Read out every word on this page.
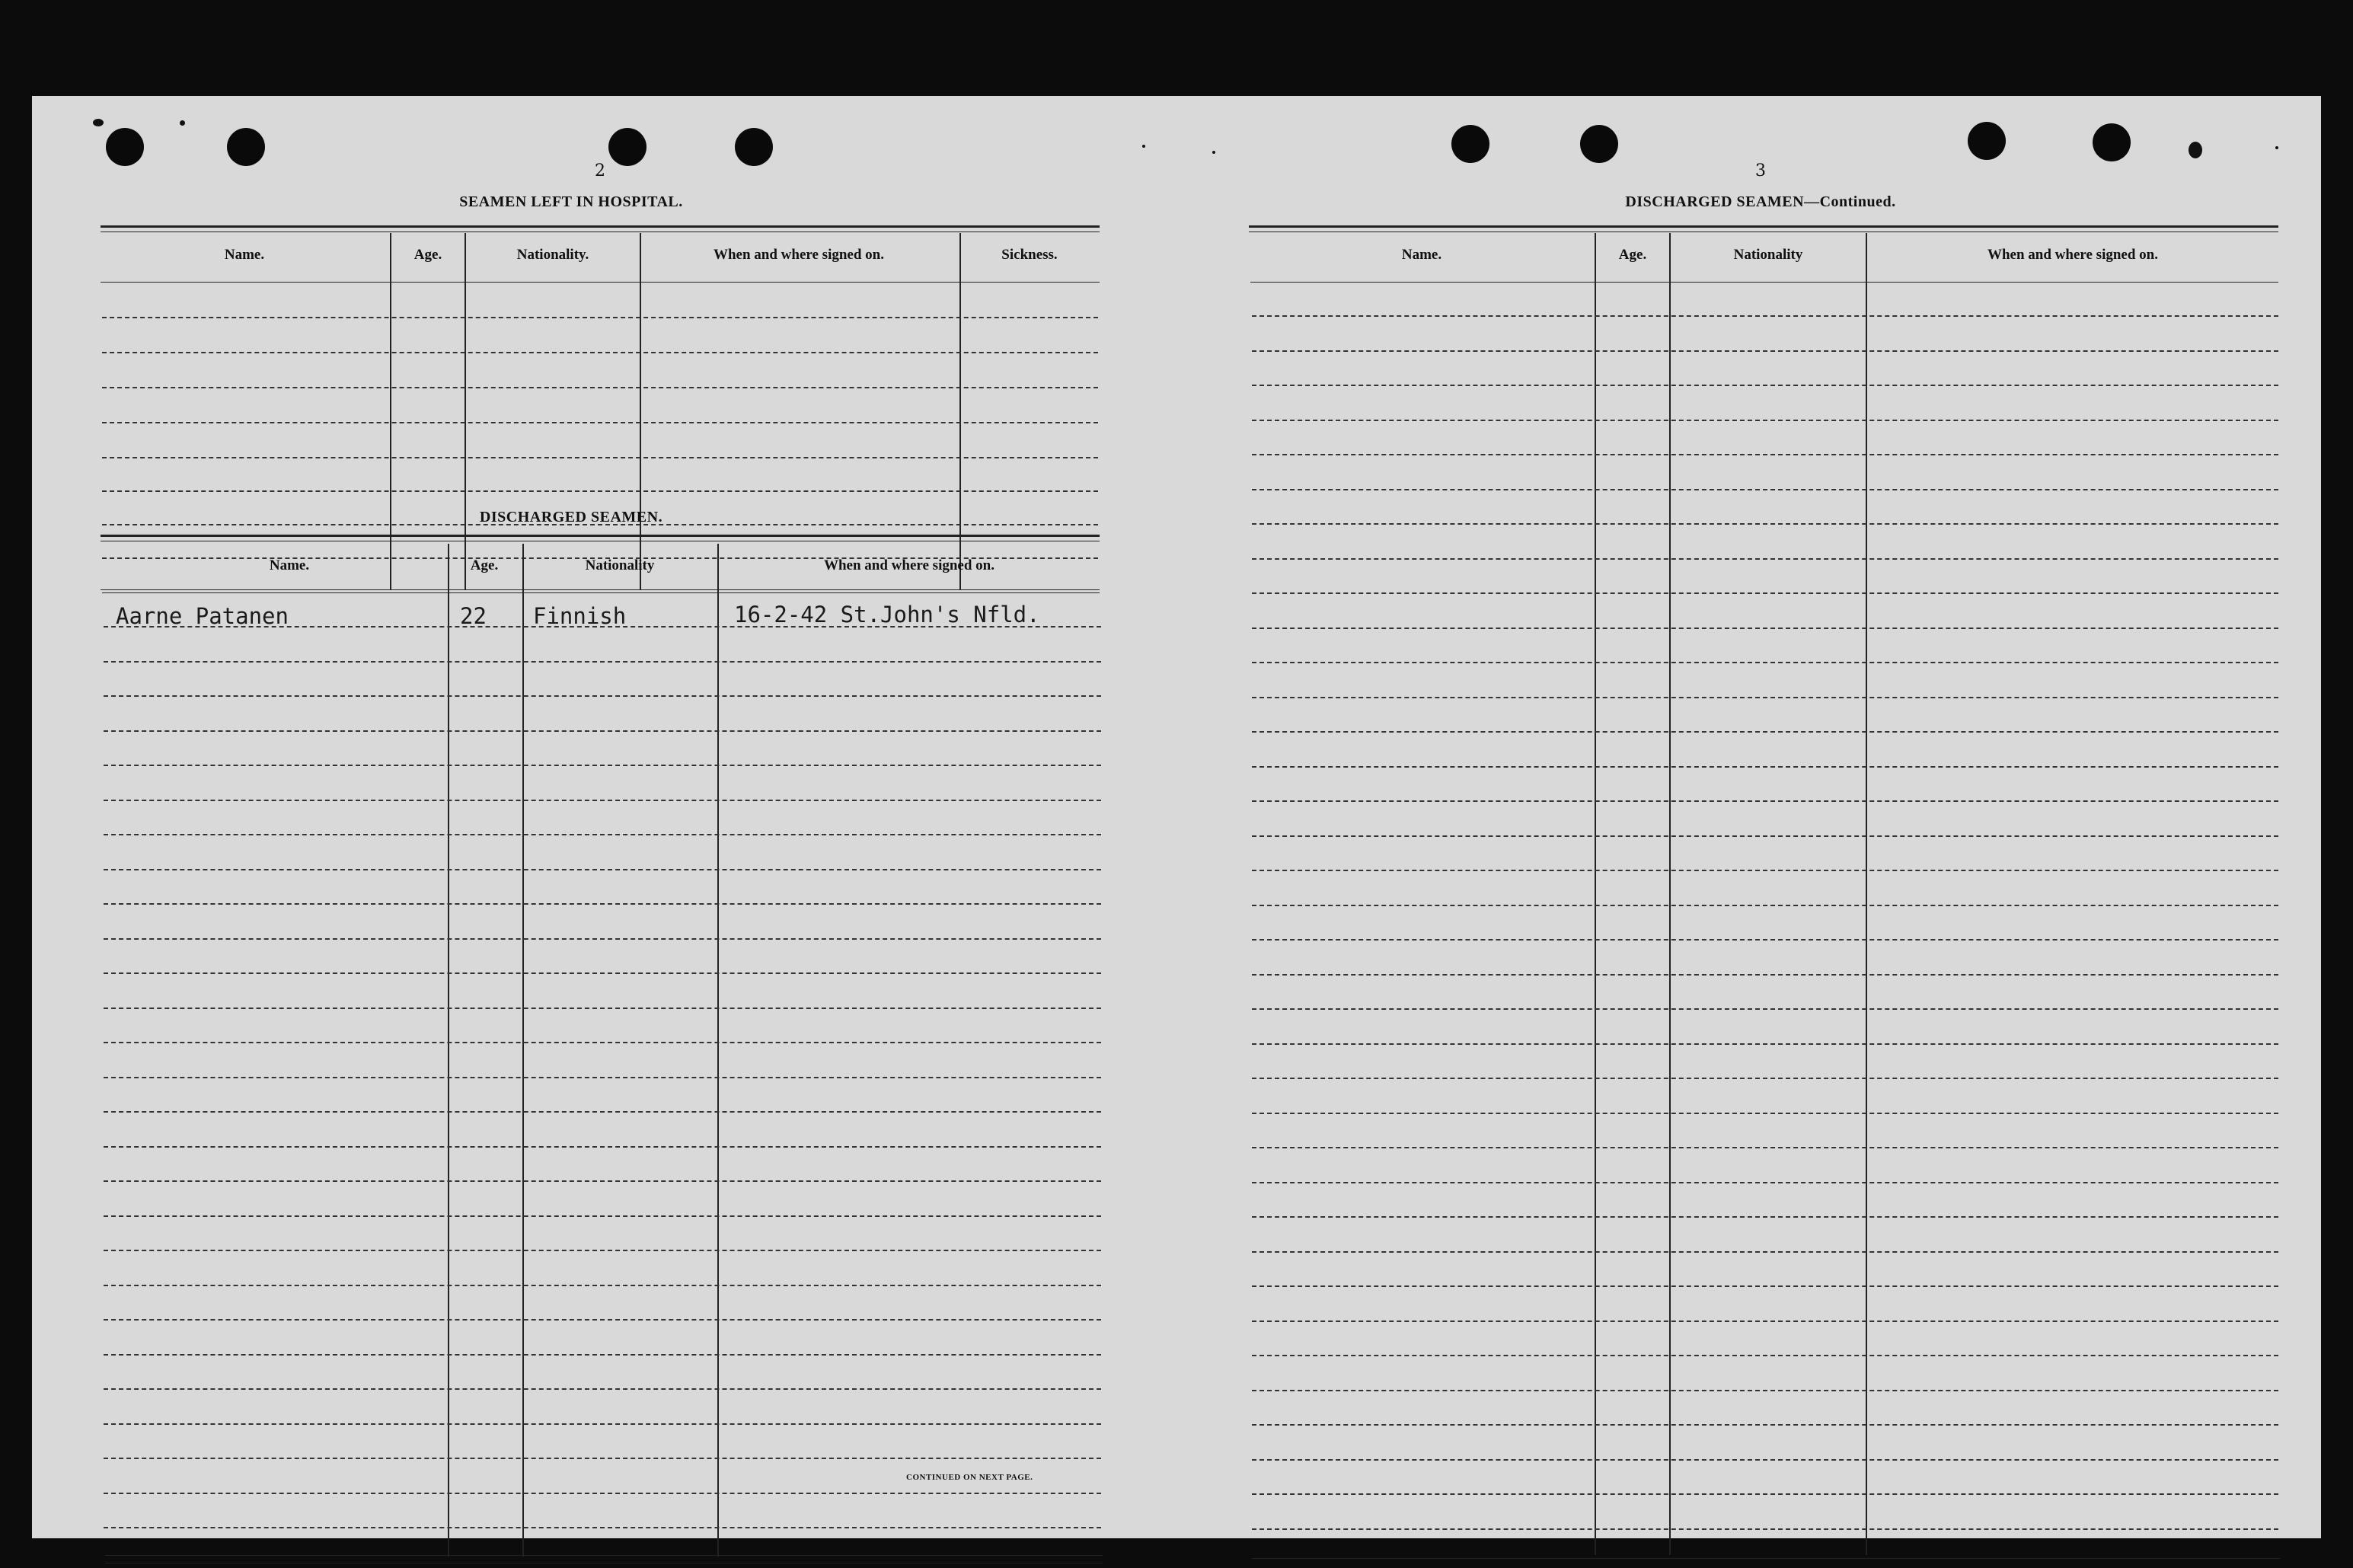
2
SEAMEN LEFT IN HOSPITAL.
Name.	Age.	Nationality.	When and where signed on.	Sickness.
DISCHARGED SEAMEN.
Name.	Age.	Nationality	When and where signed on.
Aarne Patanen	22 Finnish	16-2-42 St.John's Nfld.
CONTINUED ON NEXT PAGE.
3
DISCHARGED SEAMEN—Continued.
Name.	Age.	Nationality	When and where signed on.
